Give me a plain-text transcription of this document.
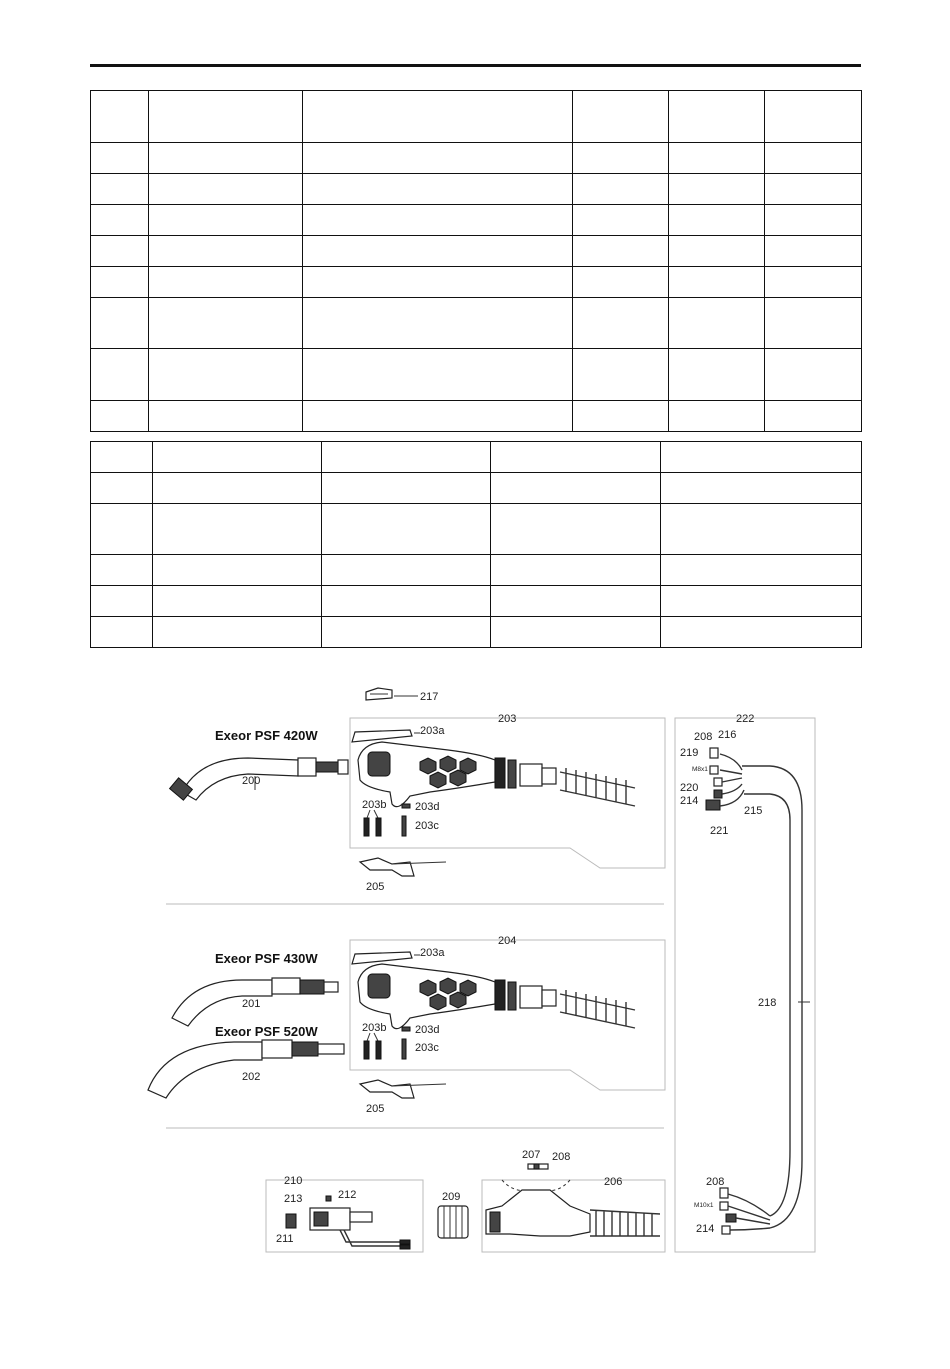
217
Exeor PSF 420W
200
203a
203
203b	203d
203c
205
Exeor PSF 430W
201
Exeor PSF 520W
202
203a
204
203b	203d
203c
205
222
208 216
219
M8x1
220
214
215
221
218
208
M10x1
214
210
213	212
211
209
207 208
206
